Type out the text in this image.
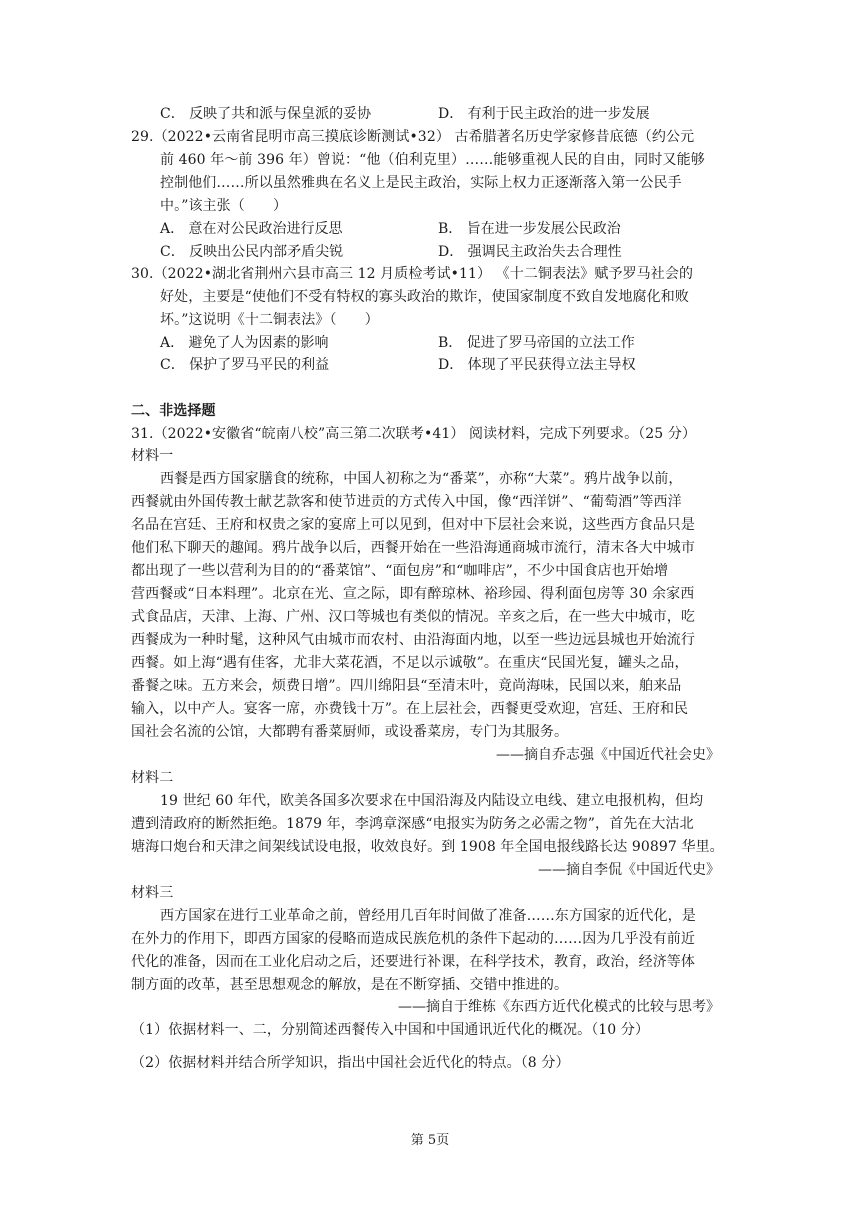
C． 反映了共和派与保皇派的妥协	D． 有利于民主政治的进一步发展
29.（2022•云南省昆明市高三摸底诊断测试•32） 古希腊著名历史学家修昔底德（约公元
前 460 年～前 396 年）曾说：“他（伯利克里）……能够重视人民的自由，同时又能够
控制他们……所以虽然雅典在名义上是民主政治，实际上权力正逐渐落入第一公民手
中。”该主张（　　）
A． 意在对公民政治进行反思	B． 旨在进一步发展公民政治
C． 反映出公民内部矛盾尖锐	D． 强调民主政治失去合理性
30.（2022•湖北省荆州六县市高三 12 月质检考试•11） 《十二铜表法》赋予罗马社会的
好处，主要是“使他们不受有特权的寡头政治的欺诈，使国家制度不致自发地腐化和败
坏。”这说明《十二铜表法》（　　）
A． 避免了人为因素的影响	B． 促进了罗马帝国的立法工作
C． 保护了罗马平民的利益	D． 体现了平民获得立法主导权
二、非选择题
31.（2022•安徽省“皖南八校”高三第二次联考•41） 阅读材料，完成下列要求。（25 分）
材料一
西餐是西方国家膳食的统称，中国人初称之为“番菜”，亦称“大菜”。鸦片战争以前，
西餐就由外国传教士献艺款客和使节进贡的方式传入中国，像“西洋饼”、“葡萄酒”等西洋
名品在宫廷、王府和权贵之家的宴席上可以见到，但对中下层社会来说，这些西方食品只是
他们私下聊天的趣闻。鸦片战争以后，西餐开始在一些沿海通商城市流行，清末各大中城市
都出现了一些以营利为目的的“番菜馆”、“面包房”和“咖啡店”，不少中国食店也开始增
营西餐或“日本料理”。北京在光、宣之际，即有醉琼林、裕珍园、得利面包房等 30 余家西
式食品店，天津、上海、广州、汉口等城也有类似的情况。辛亥之后，在一些大中城市，吃
西餐成为一种时髦，这种风气由城市而农村、由沿海面内地，以至一些边远县城也开始流行
西餐。如上海“遇有佳客，尤非大菜花酒，不足以示诚敬”。在重庆“民国光复，罐头之品，
番餐之味。五方来会，烦费日增”。四川绵阳县“至清末叶，竟尚海味，民国以来，舶来品
输入，以中产人。宴客一席，亦费钱十万”。在上层社会，西餐更受欢迎，宫廷、王府和民
国社会名流的公馆，大都聘有番菜厨师，或设番菜房，专门为其服务。
——摘自乔志强《中国近代社会史》
材料二
19 世纪 60 年代，欧美各国多次要求在中国沿海及内陆设立电线、建立电报机构，但均
遭到清政府的断然拒绝。1879 年，李鸿章深感“电报实为防务之必需之物”，首先在大沽北
塘海口炮台和天津之间架线试设电报，收效良好。到 1908 年全国电报线路长达 90897 华里。
——摘自李侃《中国近代史》
材料三
西方国家在进行工业革命之前，曾经用几百年时间做了准备……东方国家的近代化，是
在外力的作用下，即西方国家的侵略而造成民族危机的条件下起动的……因为几乎没有前近
代化的准备，因而在工业化启动之后，还要进行补课，在科学技术，教育，政治，经济等体
制方面的改革，甚至思想观念的解放，是在不断穿插、交错中推进的。
——摘自于维栋《东西方近代化模式的比较与思考》
（1）依据材料一、二，分别简述西餐传入中国和中国通讯近代化的概况。（10 分）
（2）依据材料并结合所学知识，指出中国社会近代化的特点。（8 分）
第 5页
